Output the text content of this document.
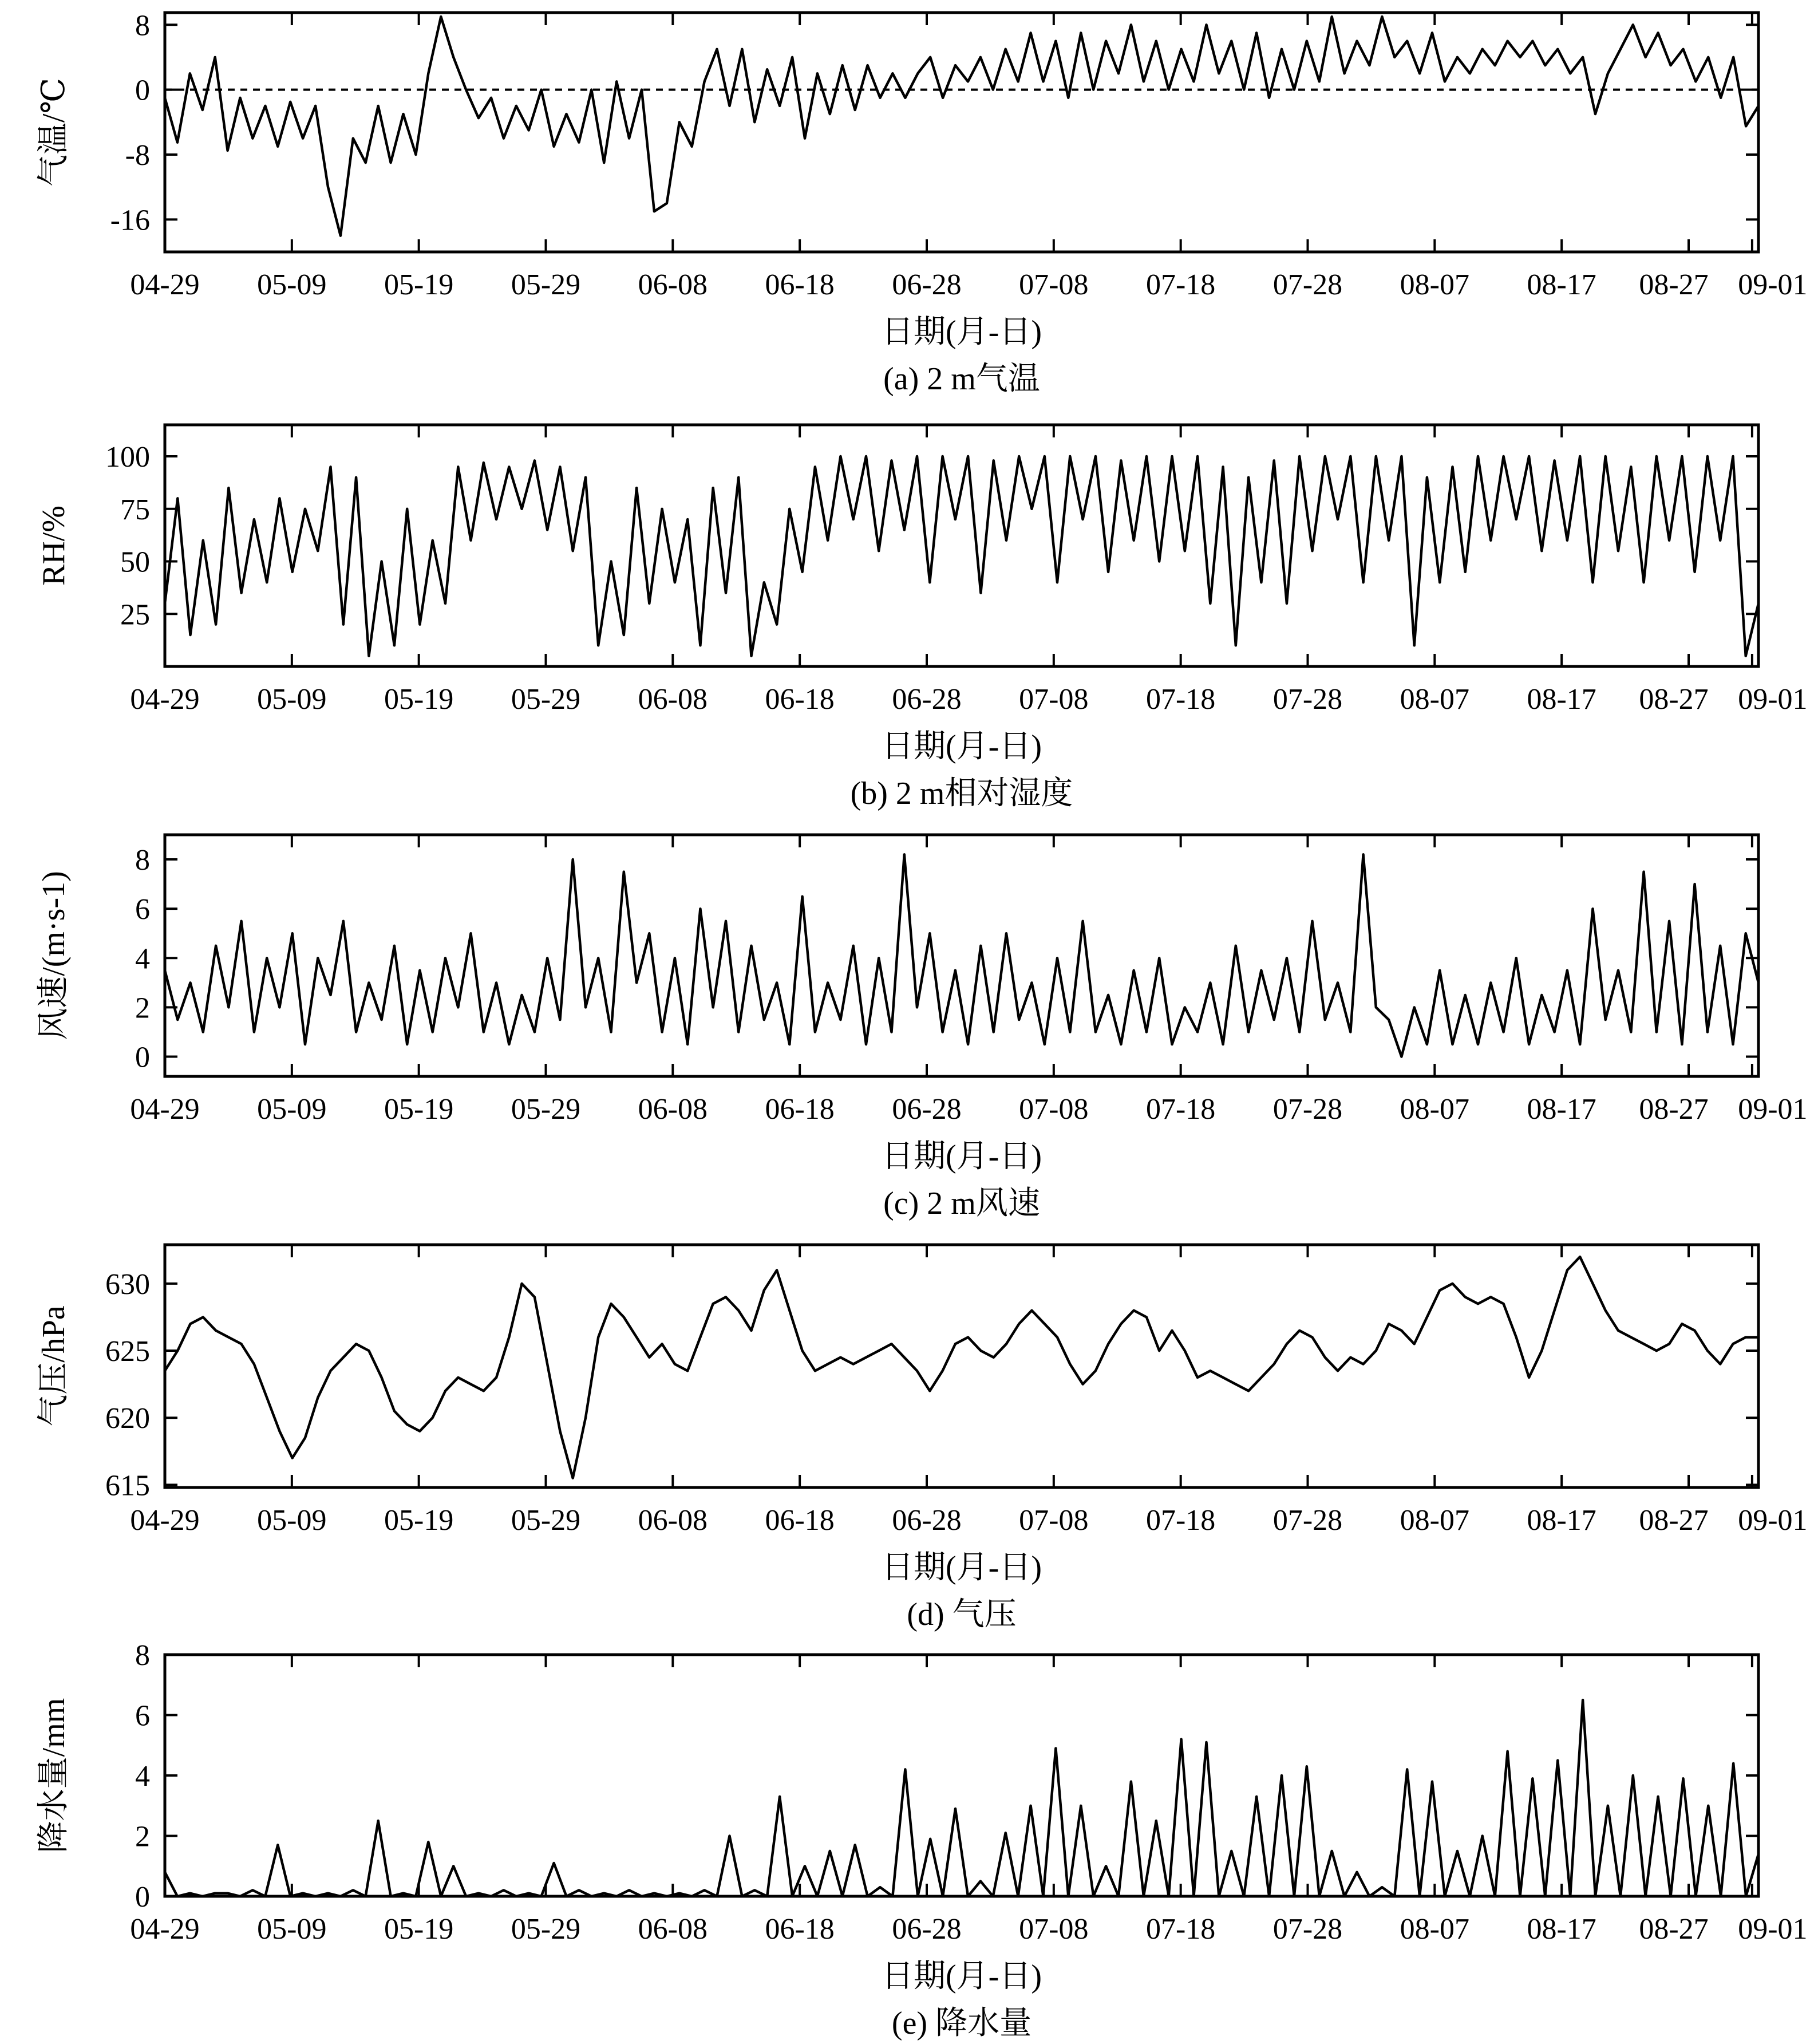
8
0
-8
-16
04-29 05-09 05-19 05-29 06-08 06-18 06-28 07-08 07-18 07-28 08-07 08-17 08-27 09-01
日期(月-日)
(a) 2 m气温
气温/℃
100
75
50
25
04-29 05-09 05-19 05-29 06-08 06-18 06-28 07-08 07-18 07-28 08-07 08-17 08-27 09-01
日期(月-日)
(b) 2 m相对湿度
RH/%
8
6
4
2
0
04-29 05-09 05-19 05-29 06-08 06-18 06-28 07-08 07-18 07-28 08-07 08-17 08-27 09-01
日期(月-日)
(c) 2 m风速
风速/(m·s-1)
630
625
620
615
04-29 05-09 05-19 05-29 06-08 06-18 06-28 07-08 07-18 07-28 08-07 08-17 08-27 09-01
日期(月-日)
(d) 气压
气压/hPa
8
6
4
2
0
04-29 05-09 05-19 05-29 06-08 06-18 06-28 07-08 07-18 07-28 08-07 08-17 08-27 09-01
日期(月-日)
(e) 降水量
降水量/mm
